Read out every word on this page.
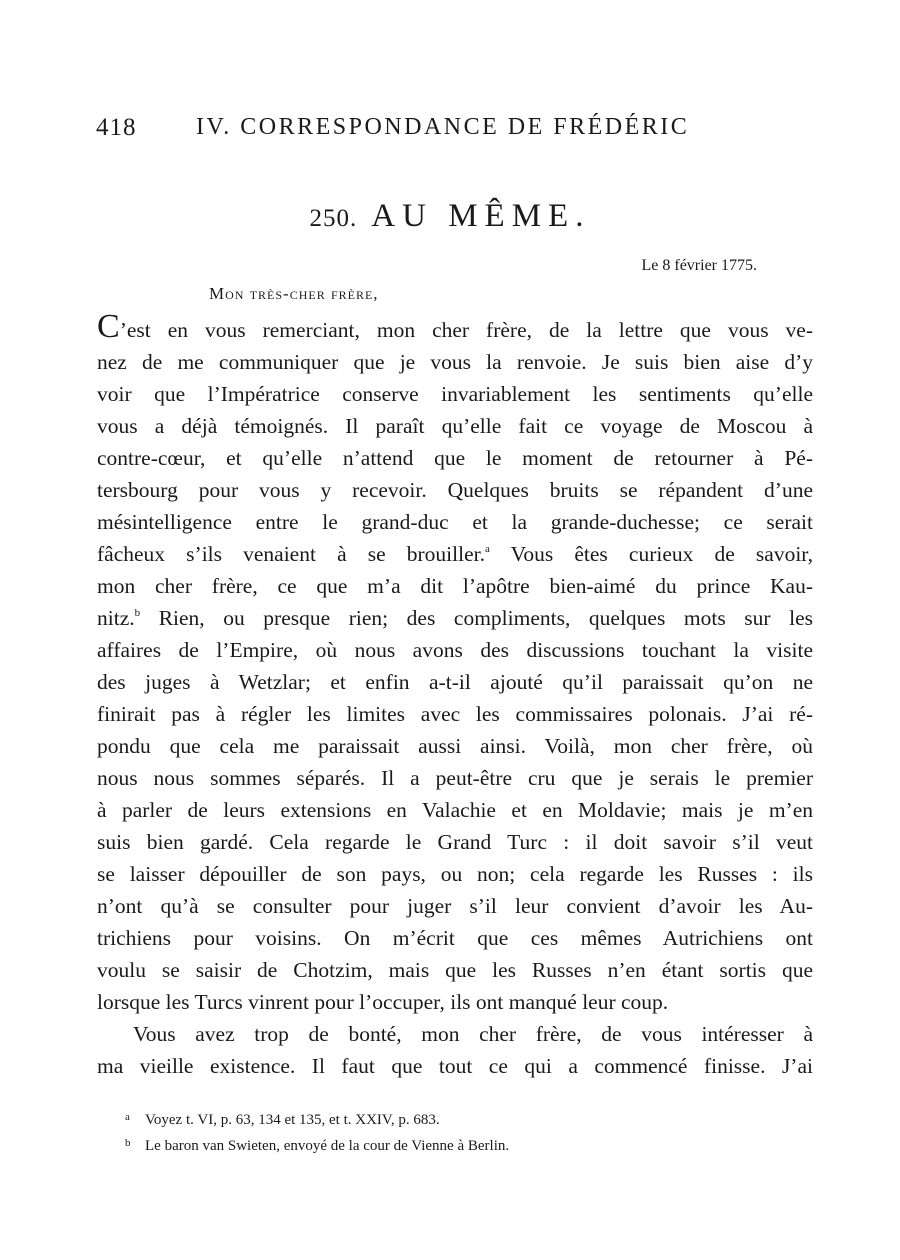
418 IV. CORRESPONDANCE DE FRÉDÉRIC
250. AU MÊME.
Le 8 février 1775.
Mon très-cher frère,
C’est en vous remerciant, mon cher frère, de la lettre que vous ve-
nez de me communiquer que je vous la renvoie. Je suis bien aise d’y
voir que l’Impératrice conserve invariablement les sentiments qu’elle
vous a déjà témoignés. Il paraît qu’elle fait ce voyage de Moscou à
contre-cœur, et qu’elle n’attend que le moment de retourner à Pé-
tersbourg pour vous y recevoir. Quelques bruits se répandent d’une
mésintelligence entre le grand-duc et la grande-duchesse; ce serait
fâcheux s’ils venaient à se brouiller.$^a$ Vous êtes curieux de savoir,
mon cher frère, ce que m’a dit l’apôtre bien-aimé du prince Kau-
nitz.$^b$ Rien, ou presque rien; des compliments, quelques mots sur les
affaires de l’Empire, où nous avons des discussions touchant la visite
des juges à Wetzlar; et enfin a-t-il ajouté qu’il paraissait qu’on ne
finirait pas à régler les limites avec les commissaires polonais. J’ai ré-
pondu que cela me paraissait aussi ainsi. Voilà, mon cher frère, où
nous nous sommes séparés. Il a peut-être cru que je serais le premier
à parler de leurs extensions en Valachie et en Moldavie; mais je m’en
suis bien gardé. Cela regarde le Grand Turc : il doit savoir s’il veut
se laisser dépouiller de son pays, ou non; cela regarde les Russes : ils
n’ont qu’à se consulter pour juger s’il leur convient d’avoir les Au-
trichiens pour voisins. On m’écrit que ces mêmes Autrichiens ont
voulu se saisir de Chotzim, mais que les Russes n’en étant sortis que
lorsque les Turcs vinrent pour l’occuper, ils ont manqué leur coup.
Vous avez trop de bonté, mon cher frère, de vous intéresser à
ma vieille existence. Il faut que tout ce qui a commencé finisse. J’ai
a Voyez t. VI, p. 63, 134 et 135, et t. XXIV, p. 683.
b Le baron van Swieten, envoyé de la cour de Vienne à Berlin.
